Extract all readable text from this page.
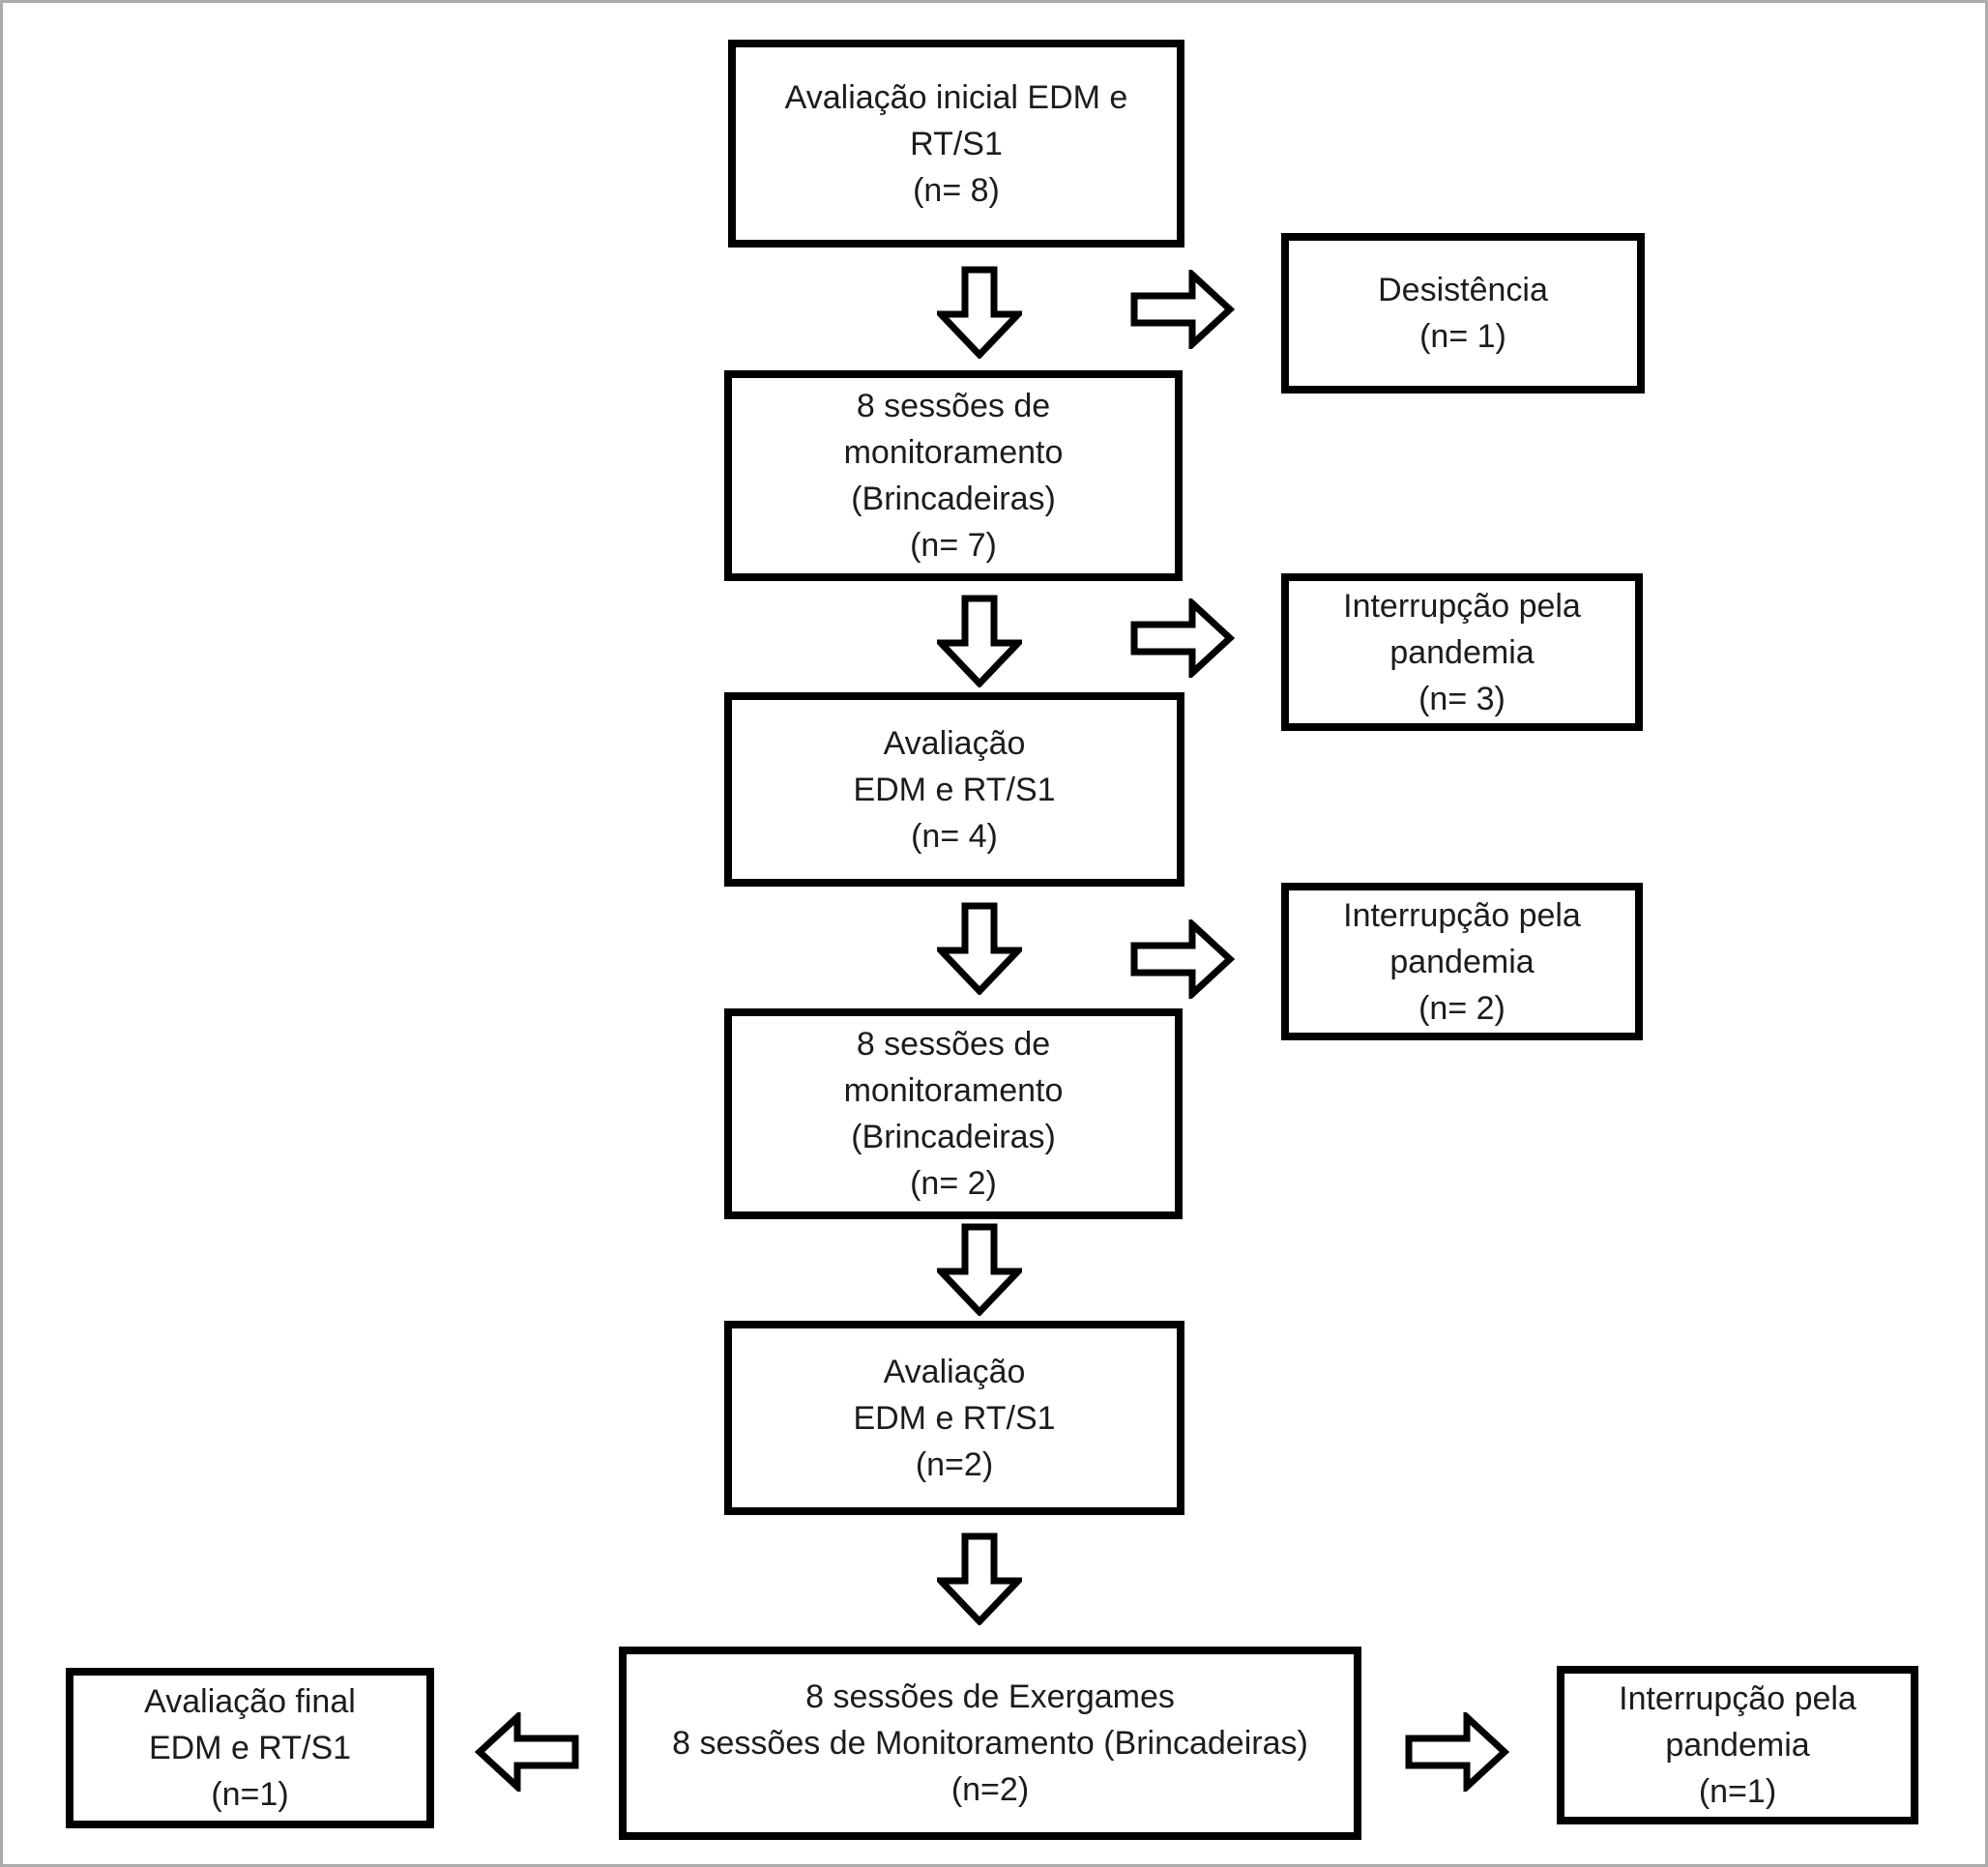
Avaliação inicial EDM e
RT/S1
(n= 8)
8 sessões de
monitoramento
(Brincadeiras)
(n= 7)
Avaliação
EDM e RT/S1
(n= 4)
8 sessões de
monitoramento
(Brincadeiras)
(n= 2)
Avaliação
EDM e RT/S1
(n=2)
8 sessões de Exergames
8 sessões de Monitoramento (Brincadeiras)
(n=2)
Desistência
(n= 1)
Interrupção pela
pandemia
(n= 3)
Interrupção pela
pandemia
(n= 2)
Avaliação final
EDM e RT/S1
(n=1)
Interrupção pela
pandemia
(n=1)
